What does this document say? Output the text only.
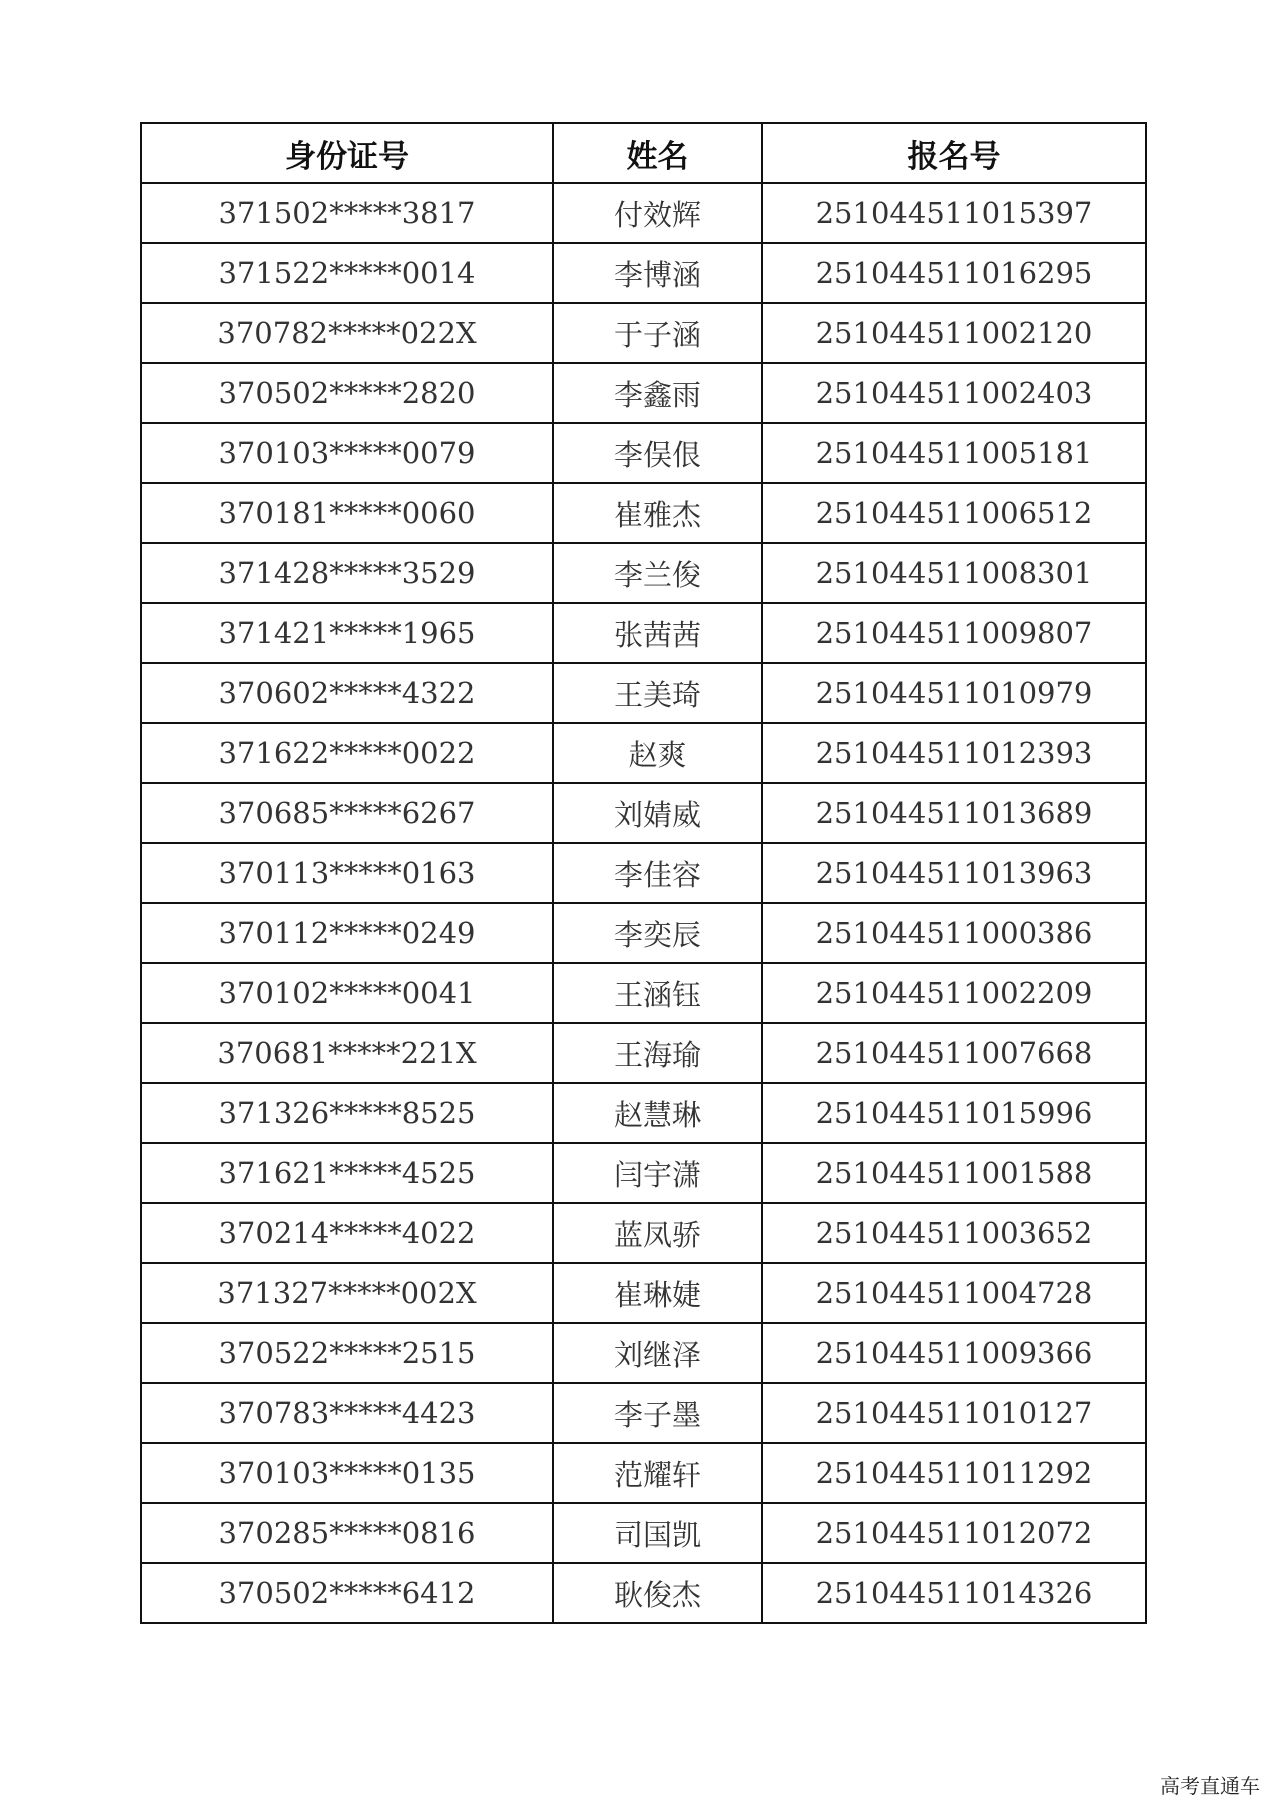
身份证号	姓名	报名号
371502*****3817	付效辉	251044511015397
371522*****0014	李博涵	251044511016295
370782*****022X	于子涵	251044511002120
370502*****2820	李鑫雨	251044511002403
370103*****0079	李俣佷	251044511005181
370181*****0060	崔雅杰	251044511006512
371428*****3529	李兰俊	251044511008301
371421*****1965	张茜茜	251044511009807
370602*****4322	王美琦	251044511010979
371622*****0022	赵爽	251044511012393
370685*****6267	刘婧威	251044511013689
370113*****0163	李佳容	251044511013963
370112*****0249	李奕辰	251044511000386
370102*****0041	王涵钰	251044511002209
370681*****221X	王海瑜	251044511007668
371326*****8525	赵慧琳	251044511015996
371621*****4525	闫宇潇	251044511001588
370214*****4022	蓝凤骄	251044511003652
371327*****002X	崔琳婕	251044511004728
370522*****2515	刘继泽	251044511009366
370783*****4423	李子墨	251044511010127
370103*****0135	范耀轩	251044511011292
370285*****0816	司国凯	251044511012072
370502*****6412	耿俊杰	251044511014326
高考直通车
